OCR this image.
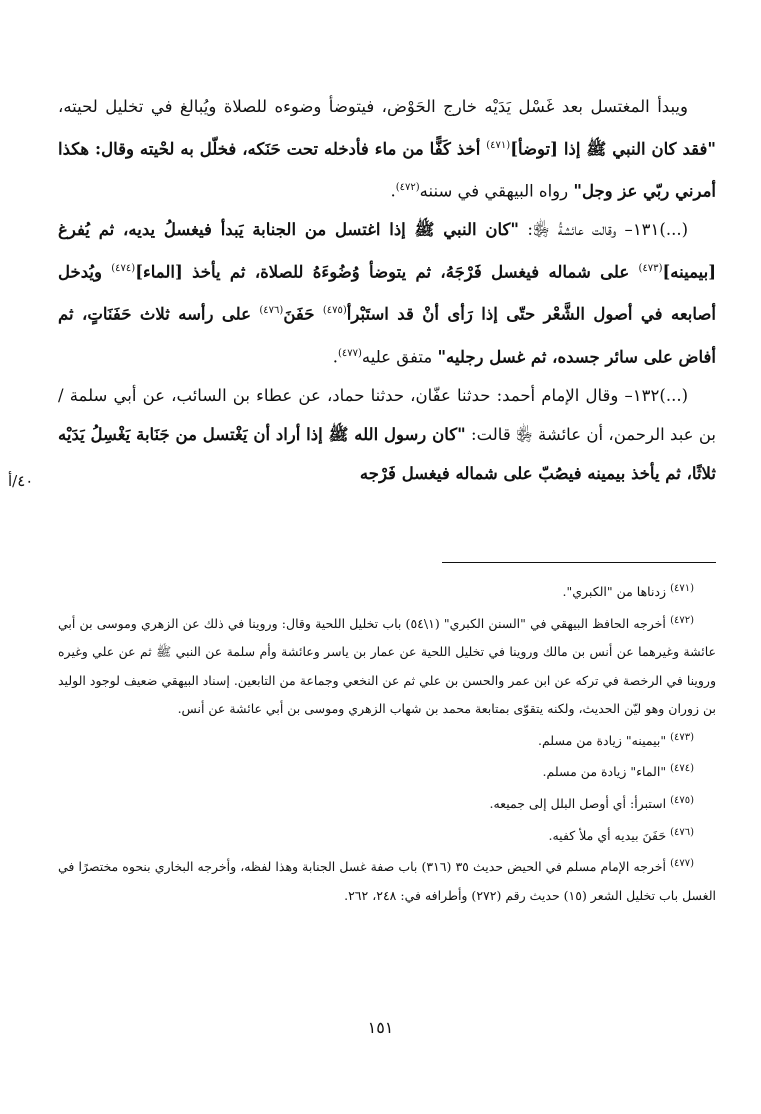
ويبدأ المغتسل بعد غَسْل يَدَيْه خارج الحَوْض، فيتوضأ وضوءه للصلاة ويُبالغ في تخليل لحيته، "فقد كان النبي ﷺ إذا [توضأ]$^{(٤٧١)}$ أخذ كَفًّا من ماء فأدخله تحت حَنَكه، فخلّل به لحْيته وقال: هكذا أمرني ربّي عز وجل" رواه البيهقي في سننه$^{(٤٧٢)}$.

(...)١٣١– وقالت عائشةُ ﵂: "كان النبي ﷺ إذا اغتسل من الجنابة يَبدأ فيغسلُ يديه، ثم يُفرغ [بيمينه]$^{(٤٧٣)}$ على شماله فيغسل فَرْجَهُ، ثم يتوضأ وُضُوءَهُ للصلاة، ثم يأخذ [الماء]$^{(٤٧٤)}$ ويُدخل أصابعه في أصول الشَّعْر حتّى إذا رَأى أنْ قد استَبْرأ$^{(٤٧٥)}$ حَفَنَ$^{(٤٧٦)}$ على رأسه ثلاث حَفَنَاتٍ، ثم أفاض على سائر جسده، ثم غسل رجليه" متفق عليه$^{(٤٧٧)}$.

(...)١٣٢– وقال الإمام أحمد: حدثنا عفّان، حدثنا حماد، عن عطاء بن السائب، عن أبي سلمة / بن عبد الرحمن، أن عائشة ﵂ قالت: "كان رسول الله ﷺ إذا أراد أن يَغْتسل من جَنَابة يَغْسِلُ يَدَيْه ثلاثًا، ثم يأخذ بيمينه فيصُبّ على شماله فيغسل فَرْجه

٤٠/أ

$^{(٤٧١)}$ زدناها من "الكبري".

$^{(٤٧٢)}$ أخرجه الحافظ البيهقي في "السنن الكبري" (١\٥٤) باب تخليل اللحية وقال: وروينا في ذلك عن الزهري وموسى بن أبي عائشة وغيرهما عن أنس بن مالك وروينا في تخليل اللحية عن عمار بن ياسر وعائشة وأم سلمة عن النبي ﷺ ثم عن علي وغيره وروينا في الرخصة في تركه عن ابن عمر والحسن بن علي ثم عن النخعي وجماعة من التابعين. إسناد البيهقي ضعيف لوجود الوليد بن زوران وهو ليّن الحديث، ولكنه يتقوّى بمتابعة محمد بن شهاب الزهري وموسى بن أبي عائشة عن أنس.

$^{(٤٧٣)}$ "بيمينه" زيادة من مسلم.

$^{(٤٧٤)}$ "الماء" زيادة من مسلم.

$^{(٤٧٥)}$ استبرأ: أي أوصل البلل إلى جميعه.

$^{(٤٧٦)}$ حَفَنَ بيديه أي ملأ كفيه.

$^{(٤٧٧)}$ أخرجه الإمام مسلم في الحيض حديث ٣٥ (٣١٦) باب صفة غسل الجنابة وهذا لفظه، وأخرجه البخاري بنحوه مختصرًا في الغسل باب تخليل الشعر (١٥) حديث رقم (٢٧٢) وأطرافه في: ٢٤٨، ٢٦٢.

١٥١
